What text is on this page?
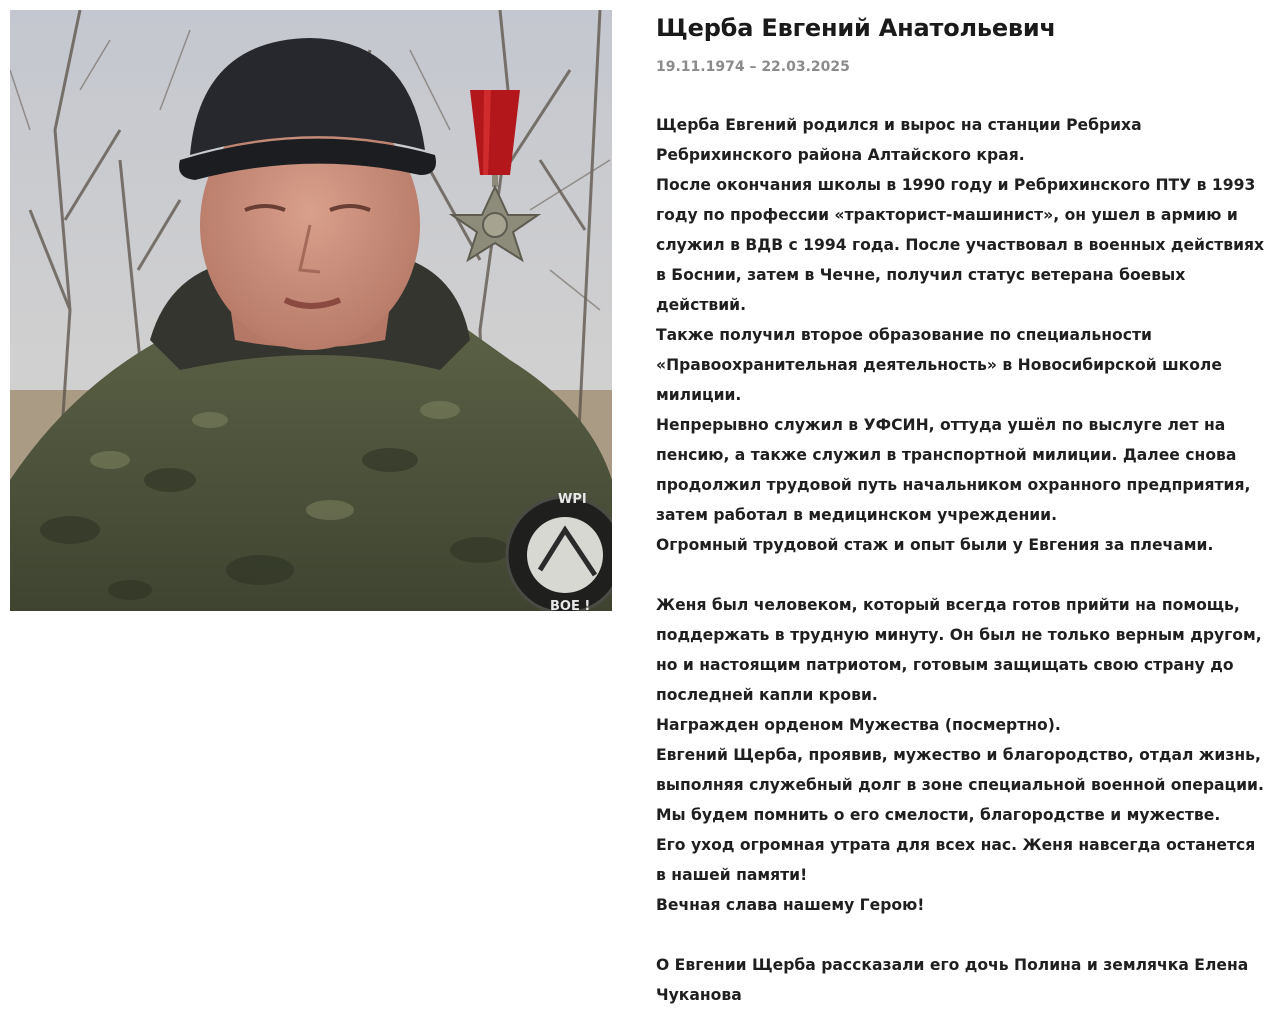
WPI
ВОЕ !
Щерба Евгений Анатольевич
19.11.1974 – 22.03.2025

Щерба Евгений родился и вырос на станции Ребриха Ребрихинского района Алтайского края.

После окончания школы в 1990 году и Ребрихинского ПТУ в 1993 году по профессии «тракторист-машинист», он ушел в армию и служил в ВДВ с 1994 года. После участвовал в военных действиях в Боснии, затем в Чечне, получил статус ветерана боевых действий.

Также получил второе образование по специальности «Правоохранительная деятельность» в Новосибирской школе милиции.

Непрерывно служил в УФСИН, оттуда ушёл по выслуге лет на пенсию, а также служил в транспортной милиции. Далее снова продолжил трудовой путь начальником охранного предприятия, затем работал в медицинском учреждении.

Огромный трудовой стаж и опыт были у Евгения за плечами.

Женя был человеком, который всегда готов прийти на помощь, поддержать в трудную минуту. Он был не только верным другом, но и настоящим патриотом, готовым защищать свою страну до последней капли крови.

Награжден орденом Мужества (посмертно).

Евгений Щерба, проявив, мужество и благородство, отдал жизнь, выполняя служебный долг в зоне специальной военной операции.

Мы будем помнить о его смелости, благородстве и мужестве.

Его уход огромная утрата для всех нас. Женя навсегда останется в нашей памяти!

Вечная слава нашему Герою!

О Евгении Щерба рассказали его дочь Полина и землячка Елена Чуканова
